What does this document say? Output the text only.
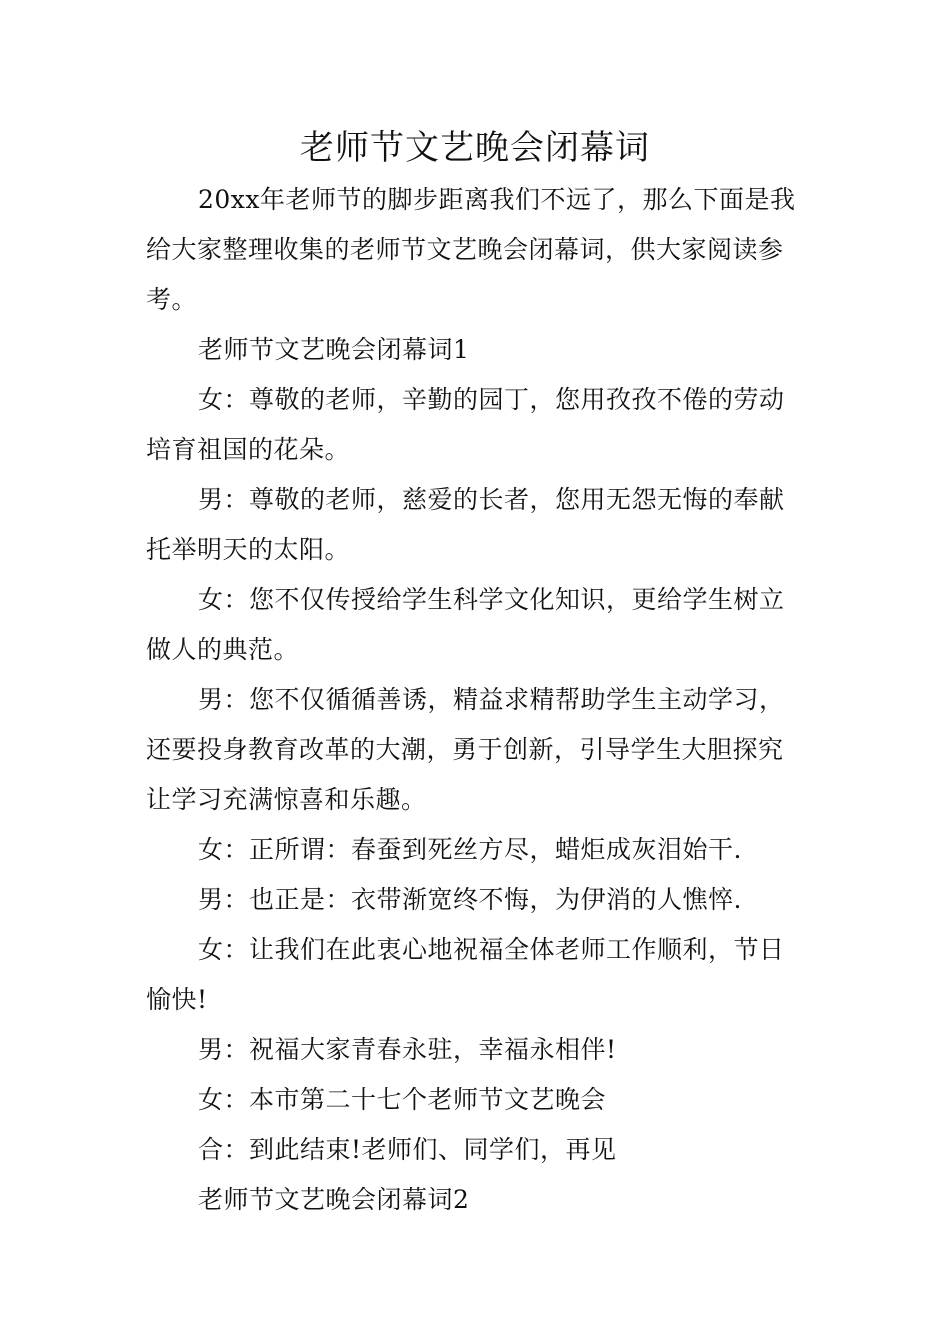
老师节文艺晚会闭幕词

20xx年老师节的脚步距离我们不远了，那么下面是我给大家整理收集的老师节文艺晚会闭幕词，供大家阅读参考。

老师节文艺晚会闭幕词1

女：尊敬的老师，辛勤的园丁，您用孜孜不倦的劳动培育祖国的花朵。

男：尊敬的老师，慈爱的长者，您用无怨无悔的奉献托举明天的太阳。

女：您不仅传授给学生科学文化知识，更给学生树立做人的典范。

男：您不仅循循善诱，精益求精帮助学生主动学习，还要投身教育改革的大潮，勇于创新，引导学生大胆探究让学习充满惊喜和乐趣。

女：正所谓：春蚕到死丝方尽，蜡炬成灰泪始干.

男：也正是：衣带渐宽终不悔，为伊消的人憔悴.

女：让我们在此衷心地祝福全体老师工作顺利，节日愉快!

男：祝福大家青春永驻，幸福永相伴!

女：本市第二十七个老师节文艺晚会

合：到此结束!老师们、同学们，再见

老师节文艺晚会闭幕词2
